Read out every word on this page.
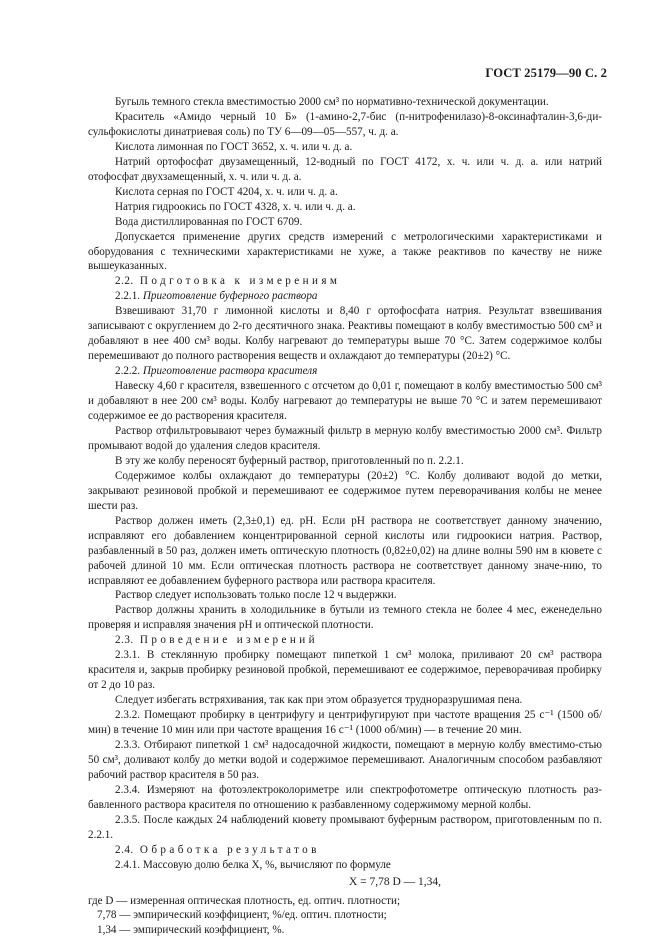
ГОСТ 25179—90 С. 2

Бугыль темного стекла вместимостью 2000 см³ по нормативно-технической документации.

Краситель «Амидо черный 10 Б» (1-амино-2,7-бис (п-нитрофенилазо)-8-оксинафталин-3,6-ди-сульфокислоты динатриевая соль) по ТУ 6—09—05—557, ч. д. а.

Кислота лимонная по ГОСТ 3652, х. ч. или ч. д. а.

Натрий ортофосфат двузамещенный, 12-водный по ГОСТ 4172, х. ч. или ч. д. а. или натрий отофосфат двухзамещенный, х. ч. или ч. д. а.

Кислота серная по ГОСТ 4204, х. ч. или ч. д. а.

Натрия гидроокись по ГОСТ 4328, х. ч. или ч. д. а.

Вода дистиллированная по ГОСТ 6709.

Допускается применение других средств измерений с метрологическими характеристиками и оборудования с техническими характеристиками не хуже, а также реактивов по качеству не ниже вышеуказанных.

2.2. Подготовка к измерениям

2.2.1. Приготовление буферного раствора

Взвешивают 31,70 г лимонной кислоты и 8,40 г ортофосфата натрия. Результат взвешивания записывают с округлением до 2-го десятичного знака. Реактивы помещают в колбу вместимостью 500 см³ и добавляют в нее 400 см³ воды. Колбу нагревают до температуры выше 70 °С. Затем содержимое колбы перемешивают до полного растворения веществ и охлаждают до температуры (20±2) °С.

2.2.2. Приготовление раствора красителя

Навеску 4,60 г красителя, взвешенного с отсчетом до 0,01 г, помещают в колбу вместимостью 500 см³ и добавляют в нее 200 см³ воды. Колбу нагревают до температуры не выше 70 °С и затем перемешивают содержимое ее до растворения красителя.

Раствор отфильтровывают через бумажный фильтр в мерную колбу вместимостью 2000 см³. Фильтр промывают водой до удаления следов красителя.

В эту же колбу переносят буферный раствор, приготовленный по п. 2.2.1.

Содержимое колбы охлаждают до температуры (20±2) °С. Колбу доливают водой до метки, закрывают резиновой пробкой и перемешивают ее содержимое путем переворачивания колбы не менее шести раз.

Раствор должен иметь (2,3±0,1) ед. рН. Если рН раствора не соответствует данному значению, исправляют его добавлением концентрированной серной кислоты или гидроокиси натрия. Раствор, разбавленный в 50 раз, должен иметь оптическую плотность (0,82±0,02) на длине волны 590 нм в кювете с рабочей длиной 10 мм. Если оптическая плотность раствора не соответствует данному значе-нию, то исправляют ее добавлением буферного раствора или раствора красителя.

Раствор следует использовать только после 12 ч выдержки.

Раствор должны хранить в холодильнике в бутыли из темного стекла не более 4 мес, еженедельно проверяя и исправляя значения рН и оптической плотности.

2.3. Проведение измерений

2.3.1. В стеклянную пробирку помещают пипеткой 1 см³ молока, приливают 20 см³ раствора красителя и, закрыв пробирку резиновой пробкой, перемешивают ее содержимое, переворачивая пробирку от 2 до 10 раз.

Следует избегать встряхивания, так как при этом образуется трудноразрушимая пена.

2.3.2. Помещают пробирку в центрифугу и центрифугируют при частоте вращения 25 с⁻¹ (1500 об/мин) в течение 10 мин или при частоте вращения 16 с⁻¹ (1000 об/мин) — в течение 20 мин.

2.3.3. Отбирают пипеткой 1 см³ надосадочной жидкости, помещают в мерную колбу вместимо-стью 50 см³, доливают колбу до метки водой и содержимое перемешивают. Аналогичным способом разбавляют рабочий раствор красителя в 50 раз.

2.3.4. Измеряют на фотоэлектроколориметре или спектрофотометре оптическую плотность раз-бавленного раствора красителя по отношению к разбавленному содержимому мерной колбы.

2.3.5. После каждых 24 наблюдений кювету промывают буферным раствором, приготовленным по п. 2.2.1.

2.4. Обработка результатов

2.4.1. Массовую долю белка X, %, вычисляют по формуле

X = 7,78 D — 1,34,

где D — измеренная оптическая плотность, ед. оптич. плотности;

7,78 — эмпирический коэффициент, %/ед. оптич. плотности;

1,34 — эмпирический коэффициент, %.
